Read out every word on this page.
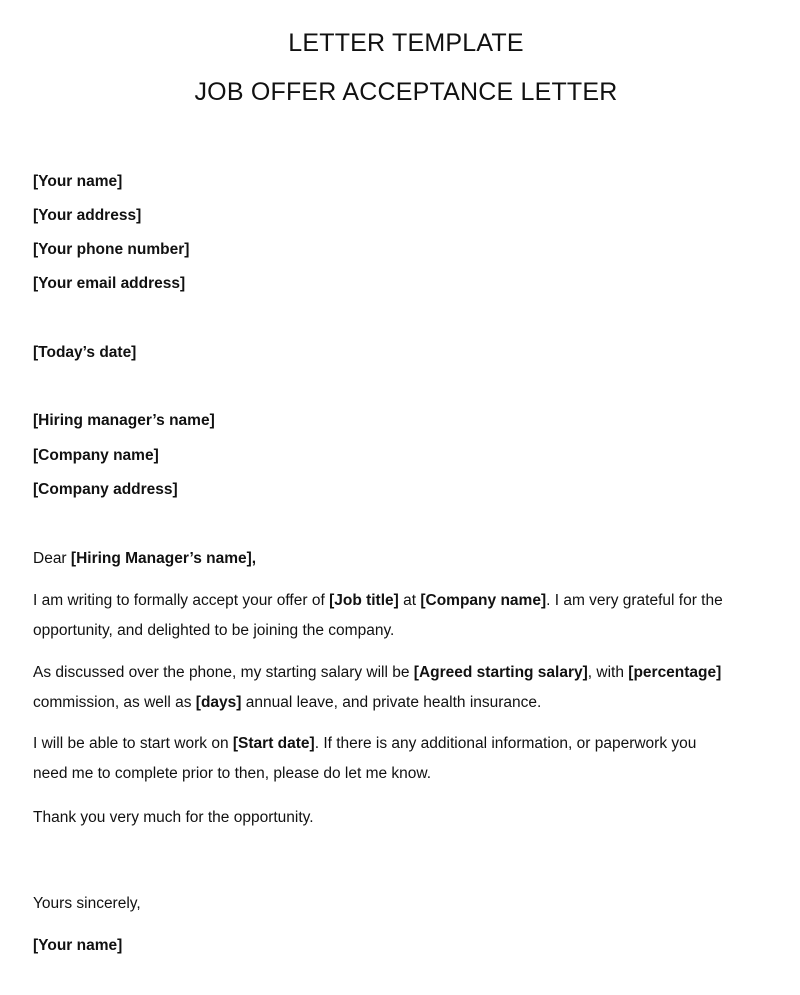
LETTER TEMPLATE
JOB OFFER ACCEPTANCE LETTER
[Your name]
[Your address]
[Your phone number]
[Your email address]
[Today’s date]
[Hiring manager’s name]
[Company name]
[Company address]
Dear [Hiring Manager’s name],
I am writing to formally accept your offer of [Job title] at [Company name]. I am very grateful for the
opportunity, and delighted to be joining the company.
As discussed over the phone, my starting salary will be [Agreed starting salary], with [percentage]
commission, as well as [days] annual leave, and private health insurance.
I will be able to start work on [Start date]. If there is any additional information, or paperwork you
need me to complete prior to then, please do let me know.
Thank you very much for the opportunity.
Yours sincerely,
[Your name]
